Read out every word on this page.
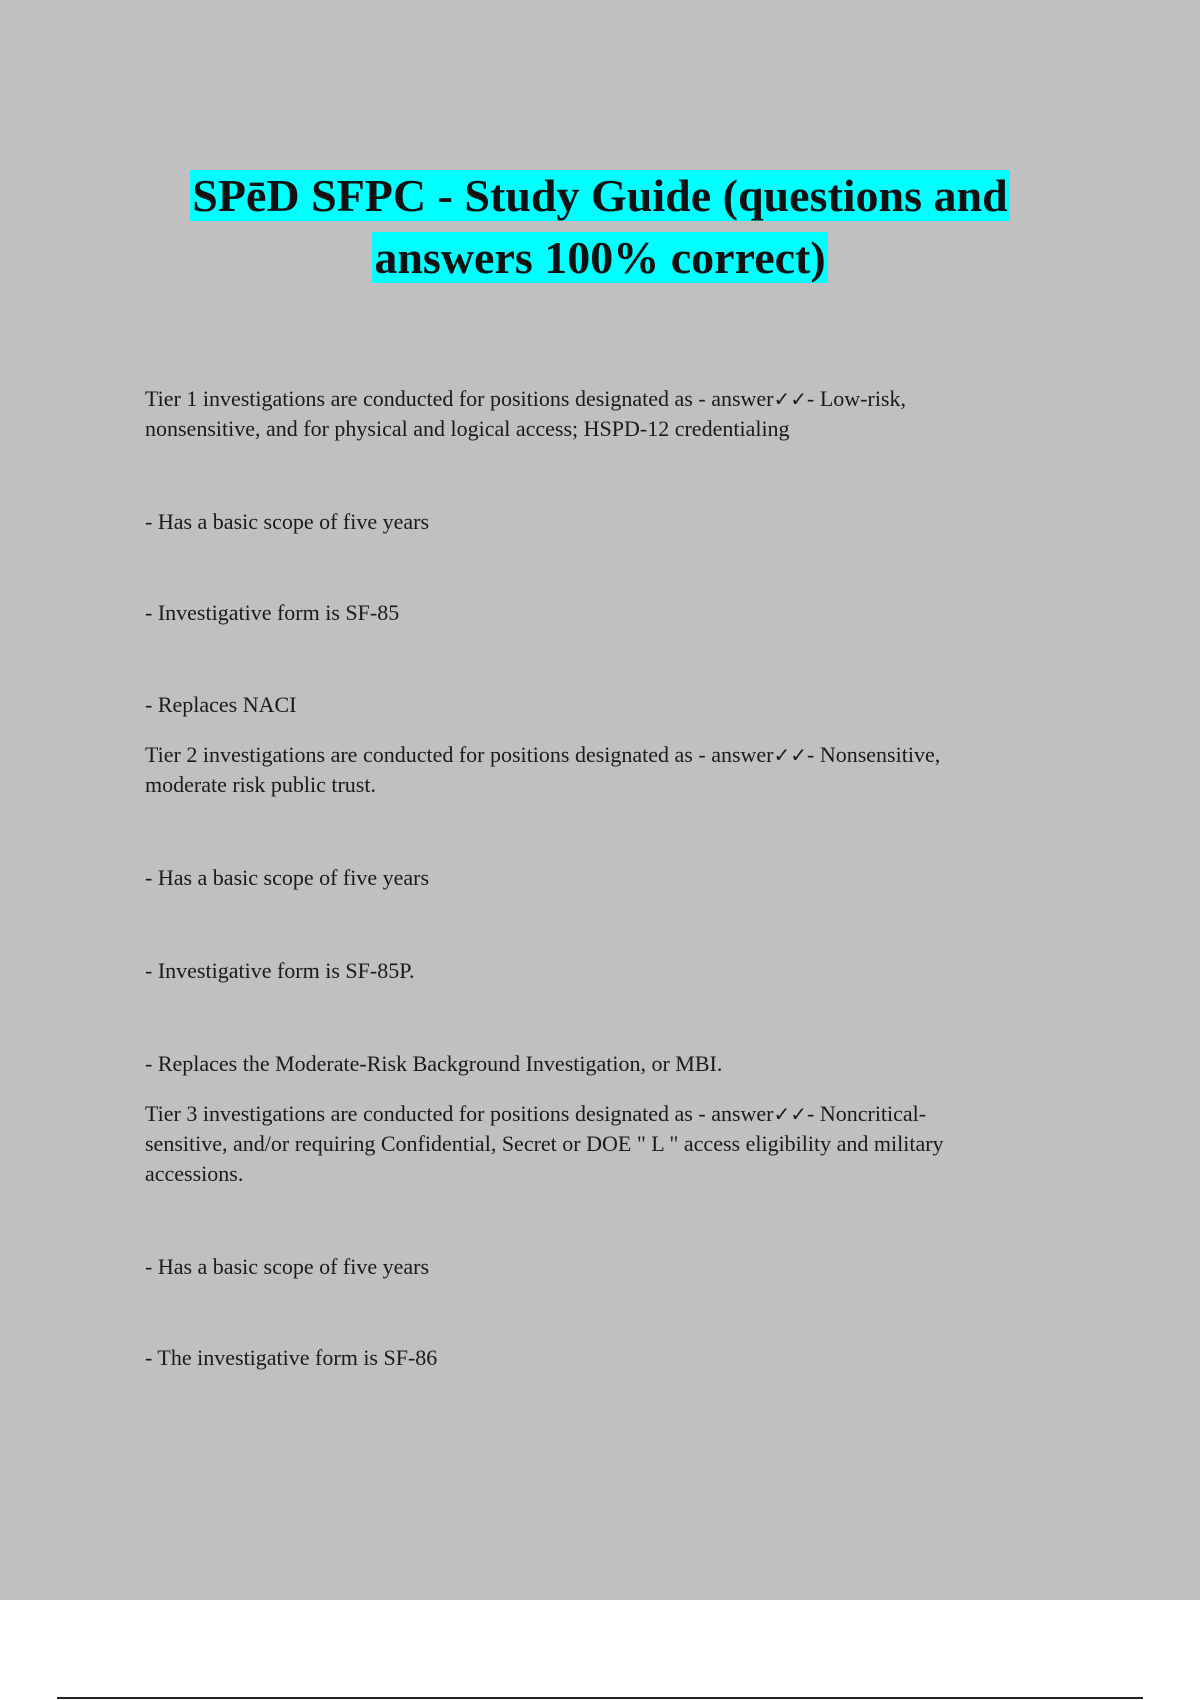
SPēD SFPC - Study Guide (questions and
answers 100% correct)

Tier 1 investigations are conducted for positions designated as - answer✓✓- Low-risk,
nonsensitive, and for physical and logical access; HSPD-12 credentialing

- Has a basic scope of five years

- Investigative form is SF-85

- Replaces NACI

Tier 2 investigations are conducted for positions designated as - answer✓✓- Nonsensitive,
moderate risk public trust.

- Has a basic scope of five years

- Investigative form is SF-85P.

- Replaces the Moderate-Risk Background Investigation, or MBI.

Tier 3 investigations are conducted for positions designated as - answer✓✓- Noncritical-
sensitive, and/or requiring Confidential, Secret or DOE " L " access eligibility and military
accessions.

- Has a basic scope of five years

- The investigative form is SF-86
